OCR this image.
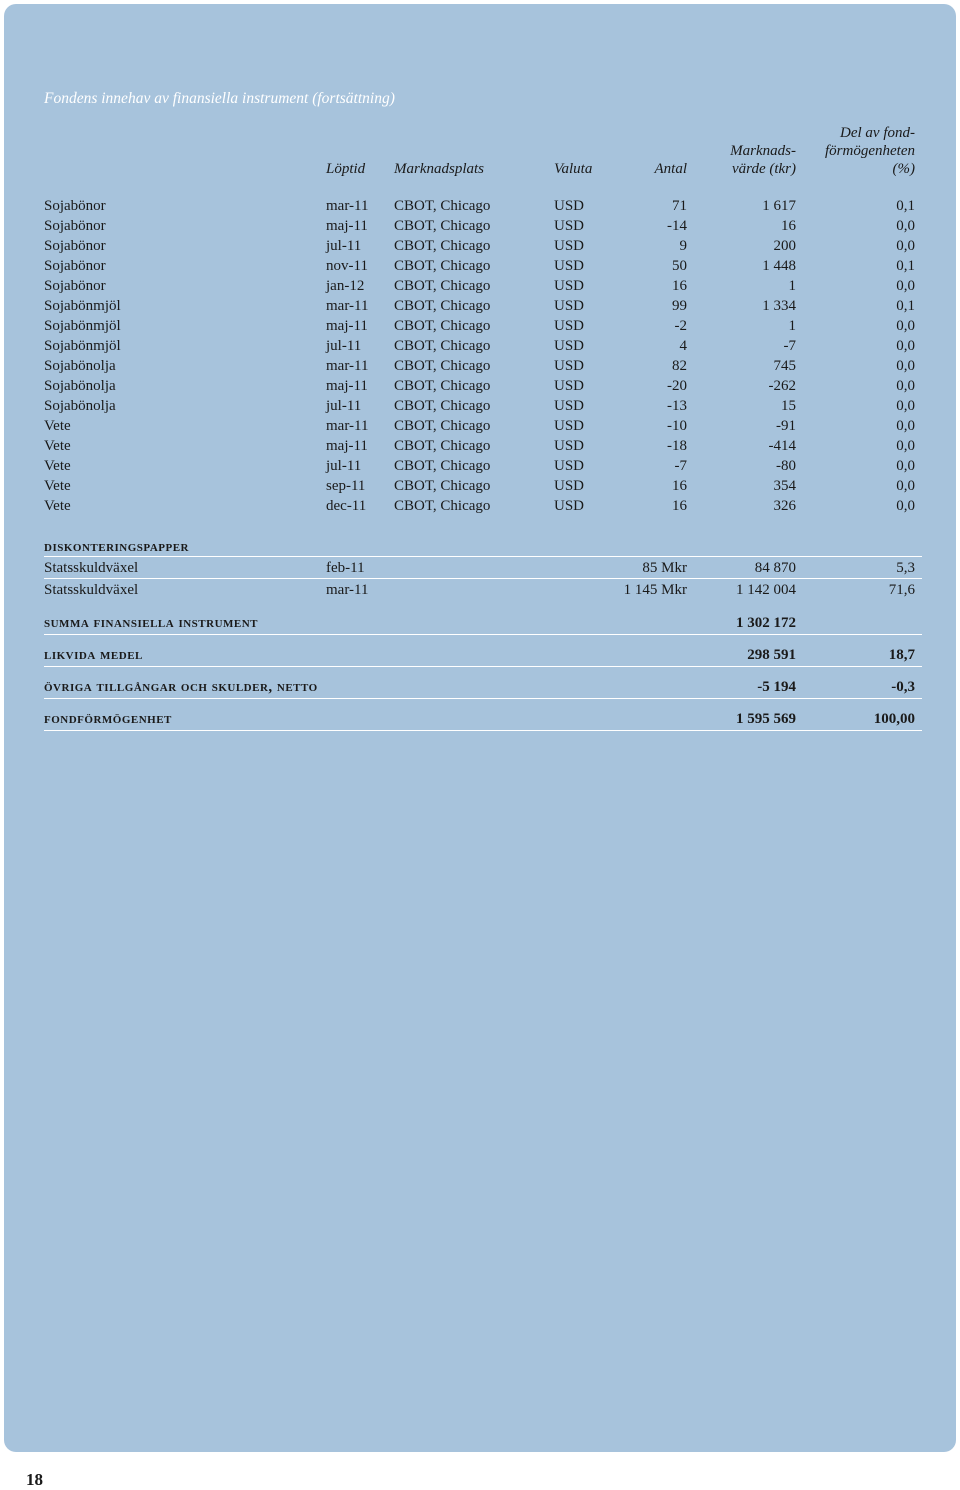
Fondens innehav av finansiella instrument (fortsättning)
Löptid Marknadsplats	Valuta	Antal
Marknads-
värde (tkr)
Del av fond-
förmögenheten
(%)
Sojabönor	mar-11 CBOT, Chicago	USD	71	1 617	0,1
Sojabönor	maj-11 CBOT, Chicago	USD	-14	16	0,0
Sojabönor	jul-11 CBOT, Chicago	USD	9	200	0,0
Sojabönor	nov-11 CBOT, Chicago	USD	50	1 448	0,1
Sojabönor	jan-12 CBOT, Chicago	USD	16	1	0,0
Sojabönmjöl	mar-11 CBOT, Chicago	USD	99	1 334	0,1
Sojabönmjöl	maj-11 CBOT, Chicago	USD	-2	1	0,0
Sojabönmjöl	jul-11 CBOT, Chicago	USD	4	-7	0,0
Sojabönolja	mar-11 CBOT, Chicago	USD	82	745	0,0
Sojabönolja	maj-11 CBOT, Chicago	USD	-20	-262	0,0
Sojabönolja	jul-11 CBOT, Chicago	USD	-13	15	0,0
Vete	mar-11 CBOT, Chicago	USD	-10	-91	0,0
Vete	maj-11 CBOT, Chicago	USD	-18	-414	0,0
Vete	jul-11 CBOT, Chicago	USD	-7	-80	0,0
Vete	sep-11 CBOT, Chicago	USD	16	354	0,0
Vete	dec-11 CBOT, Chicago	USD	16	326	0,0
diskonteringspapper
Statsskuldväxel	feb-11	85 Mkr	84 870	5,3
Statsskuldväxel	mar-11	1 145 Mkr	1 142 004	71,6
summa finansiella instrument	1 302 172
likvida medel	298 591	18,7
övriga tillgångar och skulder, netto	-5 194	-0,3
fondförmögenhet	1 595 569	100,00
18
